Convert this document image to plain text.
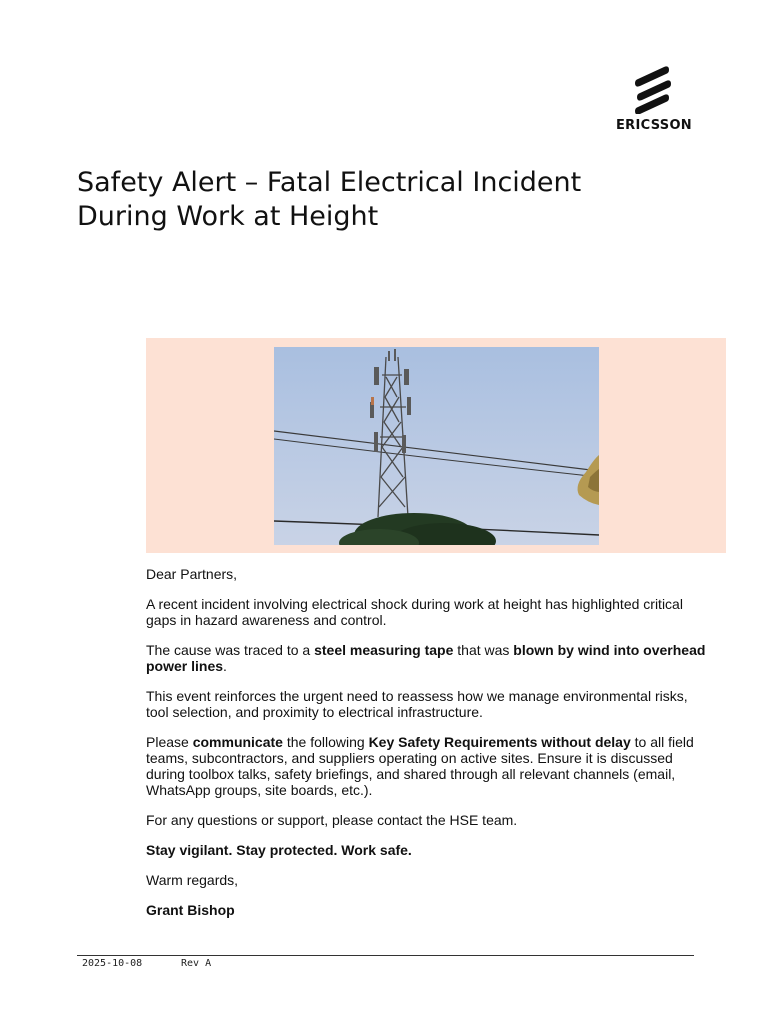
ERICSSON
Safety Alert – Fatal Electrical Incident
During Work at Height

Dear Partners,

A recent incident involving electrical shock during work at height has highlighted critical gaps in hazard awareness and control.

The cause was traced to a steel measuring tape that was blown by wind into overhead power lines.

This event reinforces the urgent need to reassess how we manage environmental risks, tool selection, and proximity to electrical infrastructure.

Please communicate the following Key Safety Requirements without delay to all field teams, subcontractors, and suppliers operating on active sites. Ensure it is discussed during toolbox talks, safety briefings, and shared through all relevant channels (email, WhatsApp groups, site boards, etc.).

For any questions or support, please contact the HSE team.

Stay vigilant. Stay protected. Work safe.

Warm regards,

Grant Bishop

2025-10-08	Rev A
